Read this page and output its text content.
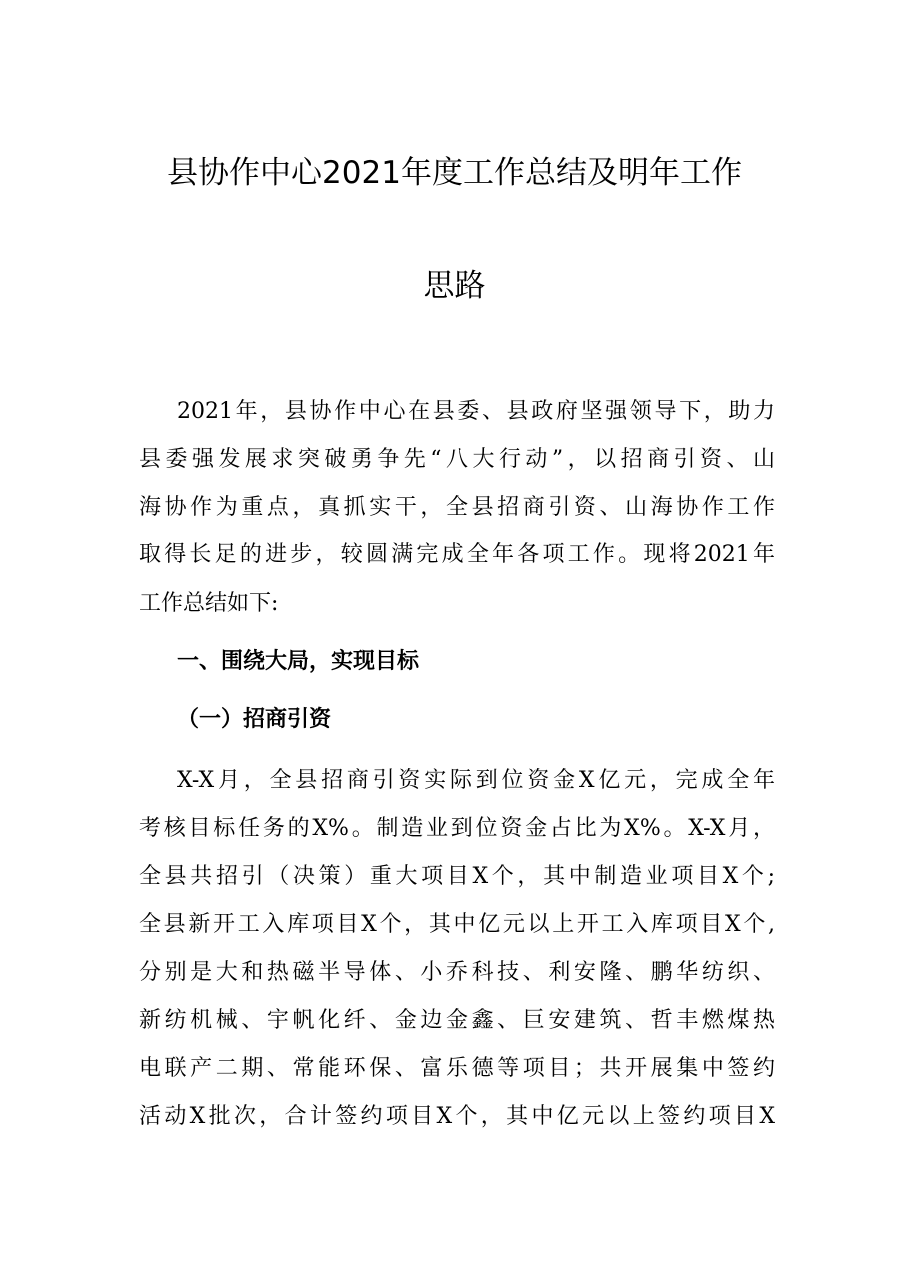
县协作中心2021年度工作总结及明年工作
思路

2021年，县协作中心在县委、县政府坚强领导下，助力

县委强发展求突破勇争先“八大行动”，以招商引资、山

海协作为重点，真抓实干，全县招商引资、山海协作工作

取得长足的进步，较圆满完成全年各项工作。现将2021年

工作总结如下:

一、围绕大局，实现目标
（一）招商引资

X-X月，全县招商引资实际到位资金X亿元，完成全年

考核目标任务的X%。制造业到位资金占比为X%。X-X月，

全县共招引（决策）重大项目X个，其中制造业项目X个;

全县新开工入库项目X个，其中亿元以上开工入库项目X个,

分别是大和热磁半导体、小乔科技、利安隆、鹏华纺织、

新纺机械、宇帆化纤、金边金鑫、巨安建筑、哲丰燃煤热

电联产二期、常能环保、富乐德等项目；共开展集中签约

活动X批次，合计签约项目X个，其中亿元以上签约项目X
